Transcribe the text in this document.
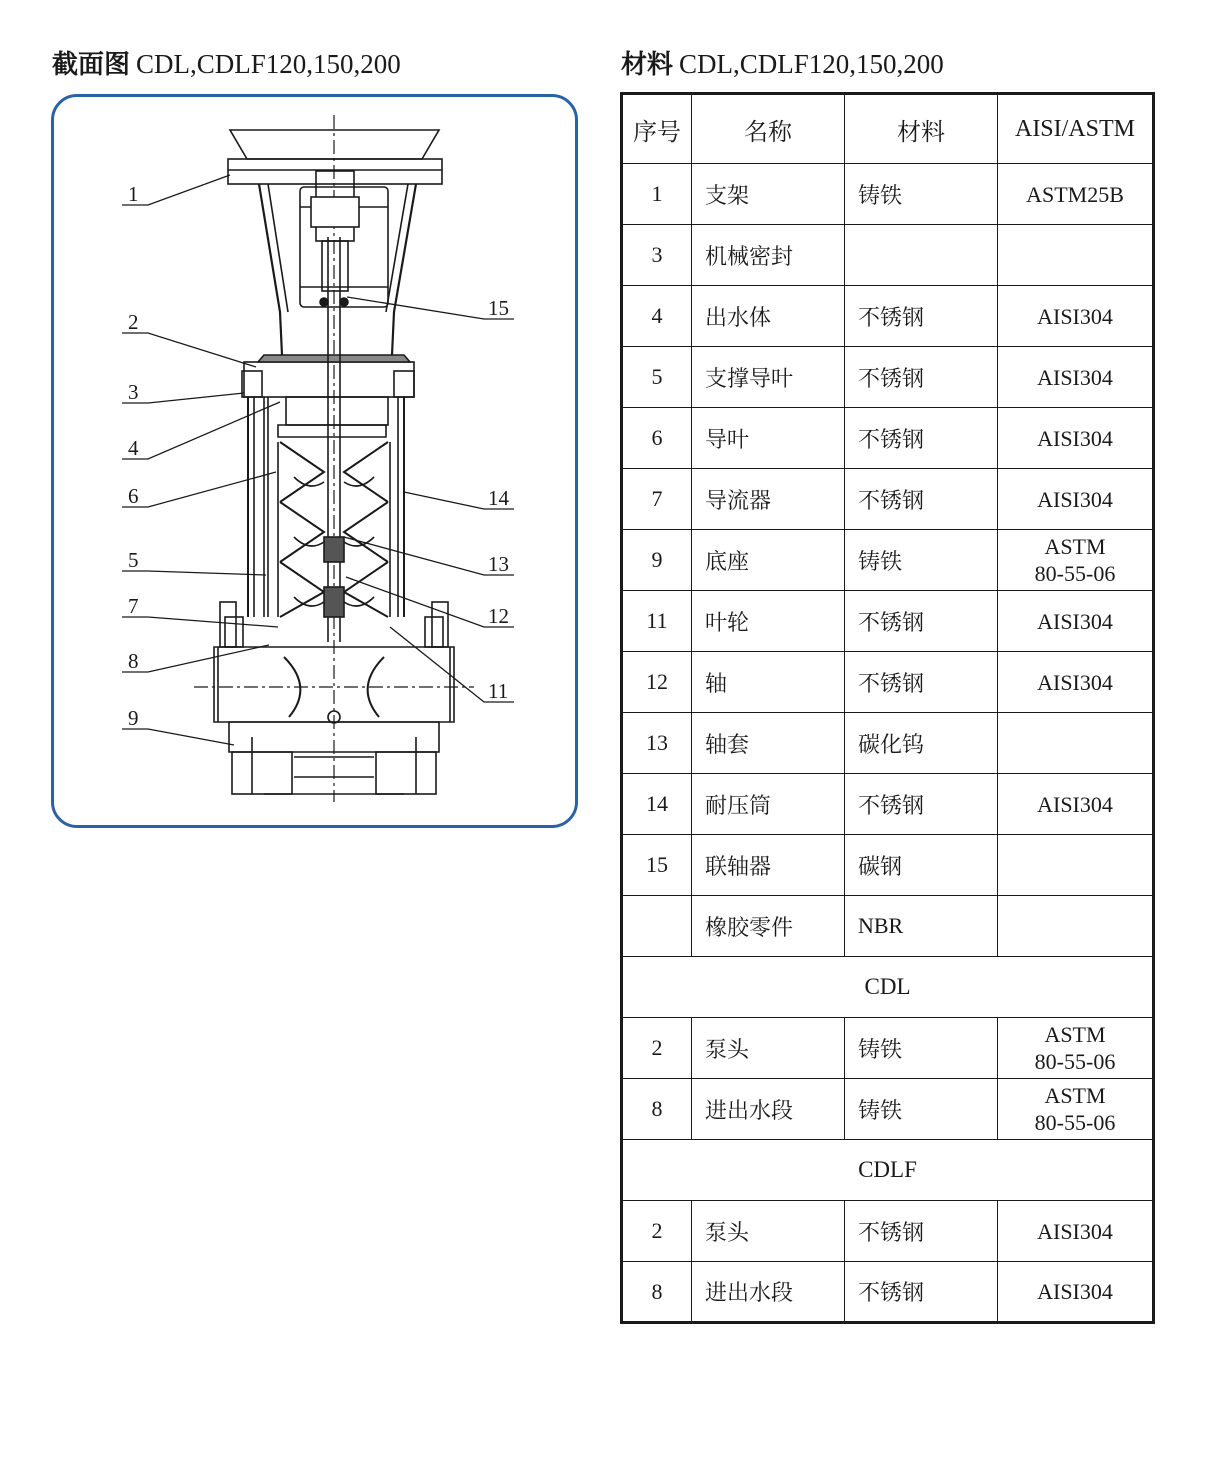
截面图 CDL,CDLF120,150,200	材料 CDL,CDLF120,150,200
1
2
3
4
6
5
7
8
9
15
14
13
12
11
序号	名称	材料	AISI/ASTM
1	支架	铸铁	ASTM25B
3	机械密封		
4	出水体	不锈钢	AISI304
5	支撑导叶	不锈钢	AISI304
6	导叶	不锈钢	AISI304
7	导流器	不锈钢	AISI304
9	底座	铸铁	ASTM
80-55-06
11	叶轮	不锈钢	AISI304
12	轴	不锈钢	AISI304
13	轴套	碳化钨	
14	耐压筒	不锈钢	AISI304
15	联轴器	碳钢	
	橡胶零件	NBR	
CDL			
2	泵头	铸铁	ASTM
80-55-06
8	进出水段	铸铁	ASTM
80-55-06
CDLF			
2	泵头	不锈钢	AISI304
8	进出水段	不锈钢	AISI304
